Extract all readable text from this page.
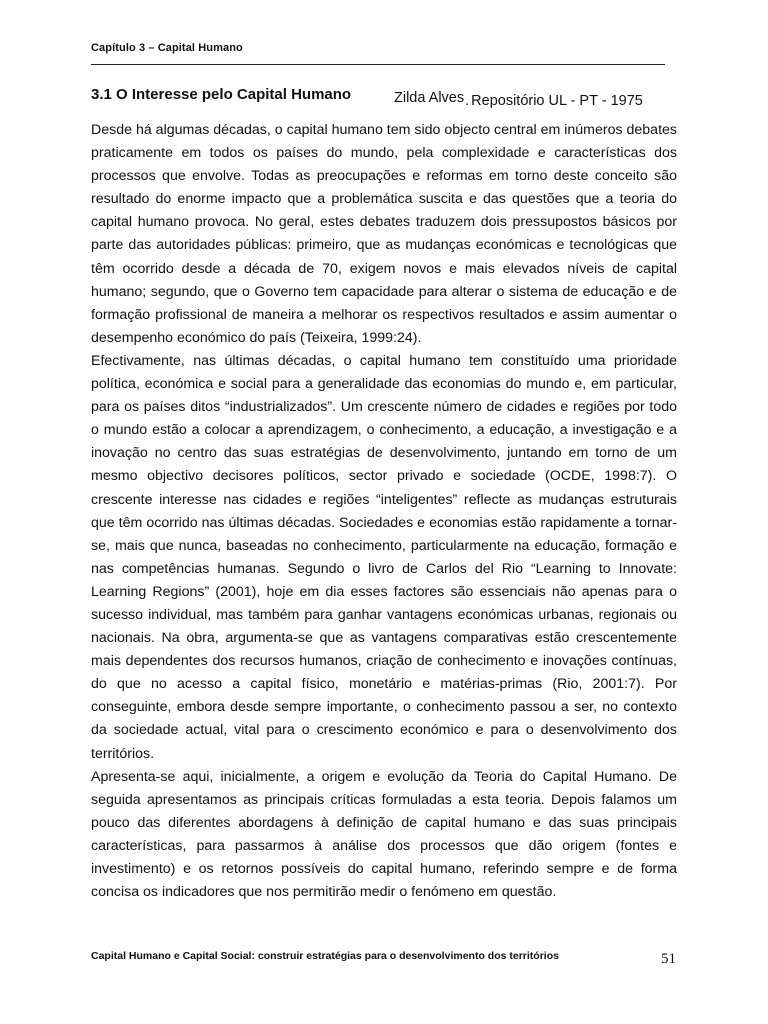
Capítulo 3 – Capital Humano
3.1 O Interesse pelo Capital Humano	Zilda Alves. Repositório UL - PT - 1975

Desde há algumas décadas, o capital humano tem sido objecto central em inúmeros debates praticamente em todos os países do mundo, pela complexidade e características dos processos que envolve. Todas as preocupações e reformas em torno deste conceito são resultado do enorme impacto que a problemática suscita e das questões que a teoria do capital humano provoca. No geral, estes debates traduzem dois pressupostos básicos por parte das autoridades públicas: primeiro, que as mudanças económicas e tecnológicas que têm ocorrido desde a década de 70, exigem novos e mais elevados níveis de capital humano; segundo, que o Governo tem capacidade para alterar o sistema de educação e de formação profissional de maneira a melhorar os respectivos resultados e assim aumentar o desempenho económico do país (Teixeira, 1999:24).

Efectivamente, nas últimas décadas, o capital humano tem constituído uma prioridade política, económica e social para a generalidade das economias do mundo e, em particular, para os países ditos “industrializados”. Um crescente número de cidades e regiões por todo o mundo estão a colocar a aprendizagem, o conhecimento, a educação, a investigação e a inovação no centro das suas estratégias de desenvolvimento, juntando em torno de um mesmo objectivo decisores políticos, sector privado e sociedade (OCDE, 1998:7). O crescente interesse nas cidades e regiões “inteligentes” reflecte as mudanças estruturais que têm ocorrido nas últimas décadas. Sociedades e economias estão rapidamente a tornar-se, mais que nunca, baseadas no conhecimento, particularmente na educação, formação e nas competências humanas. Segundo o livro de Carlos del Rio “Learning to Innovate: Learning Regions” (2001), hoje em dia esses factores são essenciais não apenas para o sucesso individual, mas também para ganhar vantagens económicas urbanas, regionais ou nacionais. Na obra, argumenta-se que as vantagens comparativas estão crescentemente mais dependentes dos recursos humanos, criação de conhecimento e inovações contínuas, do que no acesso a capital físico, monetário e matérias-primas (Rio, 2001:7). Por conseguinte, embora desde sempre importante, o conhecimento passou a ser, no contexto da sociedade actual, vital para o crescimento económico e para o desenvolvimento dos territórios.

Apresenta-se aqui, inicialmente, a origem e evolução da Teoria do Capital Humano. De seguida apresentamos as principais críticas formuladas a esta teoria. Depois falamos um pouco das diferentes abordagens à definição de capital humano e das suas principais características, para passarmos à análise dos processos que dão origem (fontes e investimento) e os retornos possíveis do capital humano, referindo sempre e de forma concisa os indicadores que nos permitirão medir o fenómeno em questão.

Capital Humano e Capital Social: construir estratégias para o desenvolvimento dos territórios	51
